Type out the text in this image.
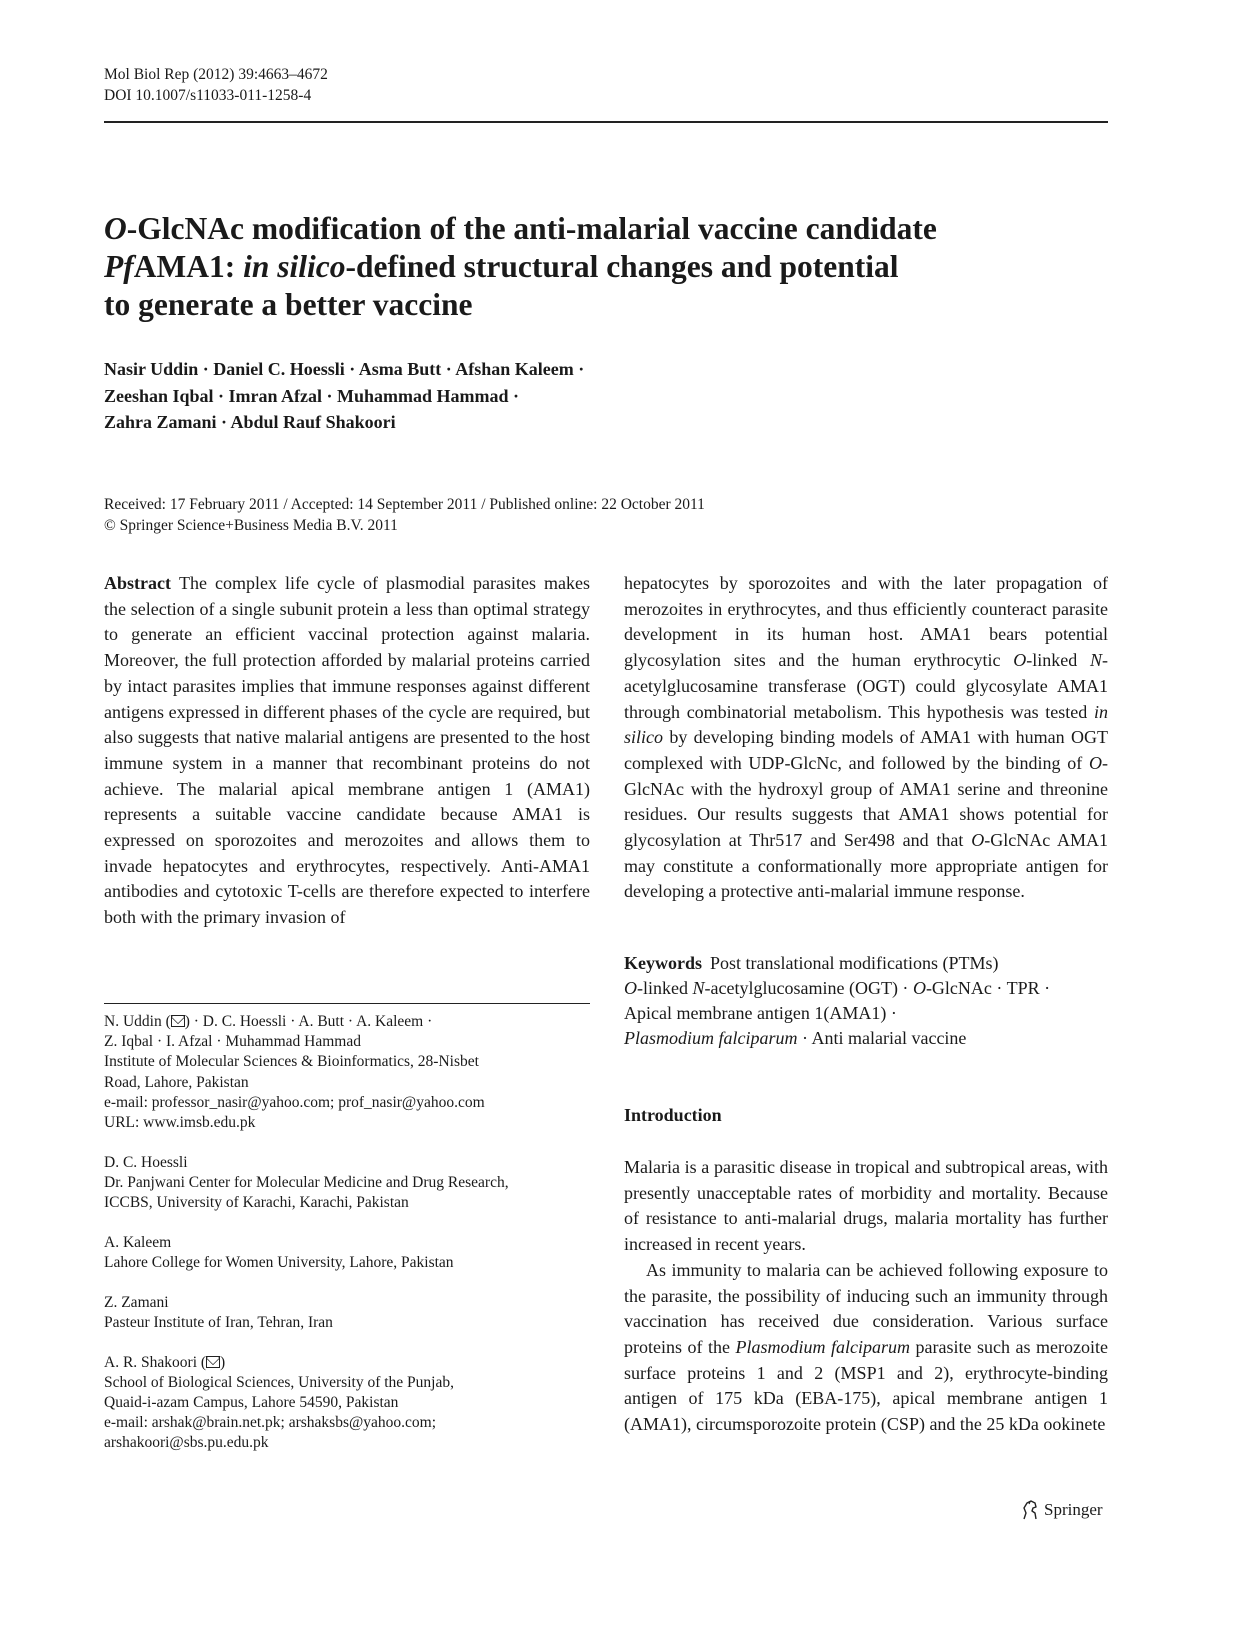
Mol Biol Rep (2012) 39:4663–4672
DOI 10.1007/s11033-011-1258-4
O-GlcNAc modification of the anti-malarial vaccine candidate
PfAMA1: in silico-defined structural changes and potential
to generate a better vaccine
Nasir Uddin · Daniel C. Hoessli · Asma Butt · Afshan Kaleem ·
Zeeshan Iqbal · Imran Afzal · Muhammad Hammad ·
Zahra Zamani · Abdul Rauf Shakoori
Received: 17 February 2011 / Accepted: 14 September 2011 / Published online: 22 October 2011
© Springer Science+Business Media B.V. 2011

Abstract The complex life cycle of plasmodial parasites makes the selection of a single subunit protein a less than optimal strategy to generate an efficient vaccinal protection against malaria. Moreover, the full protection afforded by malarial proteins carried by intact parasites implies that immune responses against different antigens expressed in different phases of the cycle are required, but also suggests that native malarial antigens are presented to the host immune system in a manner that recombinant proteins do not achieve. The malarial apical membrane antigen 1 (AMA1) represents a suitable vaccine candidate because AMA1 is expressed on sporozoites and merozoites and allows them to invade hepatocytes and erythrocytes, respectively. Anti-AMA1 antibodies and cytotoxic T-cells are therefore expected to interfere both with the primary invasion of

hepatocytes by sporozoites and with the later propagation of merozoites in erythrocytes, and thus efficiently counteract parasite development in its human host. AMA1 bears potential glycosylation sites and the human erythrocytic O-linked N-acetylglucosamine transferase (OGT) could glycosylate AMA1 through combinatorial metabolism. This hypothesis was tested in silico by developing binding models of AMA1 with human OGT complexed with UDP-GlcNc, and followed by the binding of O-GlcNAc with the hydroxyl group of AMA1 serine and threonine residues. Our results suggests that AMA1 shows potential for glycosylation at Thr517 and Ser498 and that O-GlcNAc AMA1 may constitute a conformationally more appropriate antigen for developing a protective anti-malarial immune response.

Keywords Post translational modifications (PTMs)
O-linked N-acetylglucosamine (OGT) · O-GlcNAc · TPR ·
Apical membrane antigen 1(AMA1) ·
Plasmodium falciparum · Anti malarial vaccine
Introduction

Malaria is a parasitic disease in tropical and subtropical areas, with presently unacceptable rates of morbidity and mortality. Because of resistance to anti-malarial drugs, malaria mortality has further increased in recent years.

As immunity to malaria can be achieved following exposure to the parasite, the possibility of inducing such an immunity through vaccination has received due consideration. Various surface proteins of the Plasmodium falciparum parasite such as merozoite surface proteins 1 and 2 (MSP1 and 2), erythrocyte-binding antigen of 175 kDa (EBA-175), apical membrane antigen 1 (AMA1), circumsporozoite protein (CSP) and the 25 kDa ookinete

N. Uddin ( ) · D. C. Hoessli · A. Butt · A. Kaleem ·
Z. Iqbal · I. Afzal · Muhammad Hammad
Institute of Molecular Sciences & Bioinformatics, 28-Nisbet
Road, Lahore, Pakistan
e-mail: professor_nasir@yahoo.com; prof_nasir@yahoo.com
URL: www.imsb.edu.pk
D. C. Hoessli
Dr. Panjwani Center for Molecular Medicine and Drug Research,
ICCBS, University of Karachi, Karachi, Pakistan
A. Kaleem
Lahore College for Women University, Lahore, Pakistan
Z. Zamani
Pasteur Institute of Iran, Tehran, Iran
A. R. Shakoori ( )
School of Biological Sciences, University of the Punjab,
Quaid-i-azam Campus, Lahore 54590, Pakistan
e-mail: arshak@brain.net.pk; arshaksbs@yahoo.com;
arshakoori@sbs.pu.edu.pk
Springer
